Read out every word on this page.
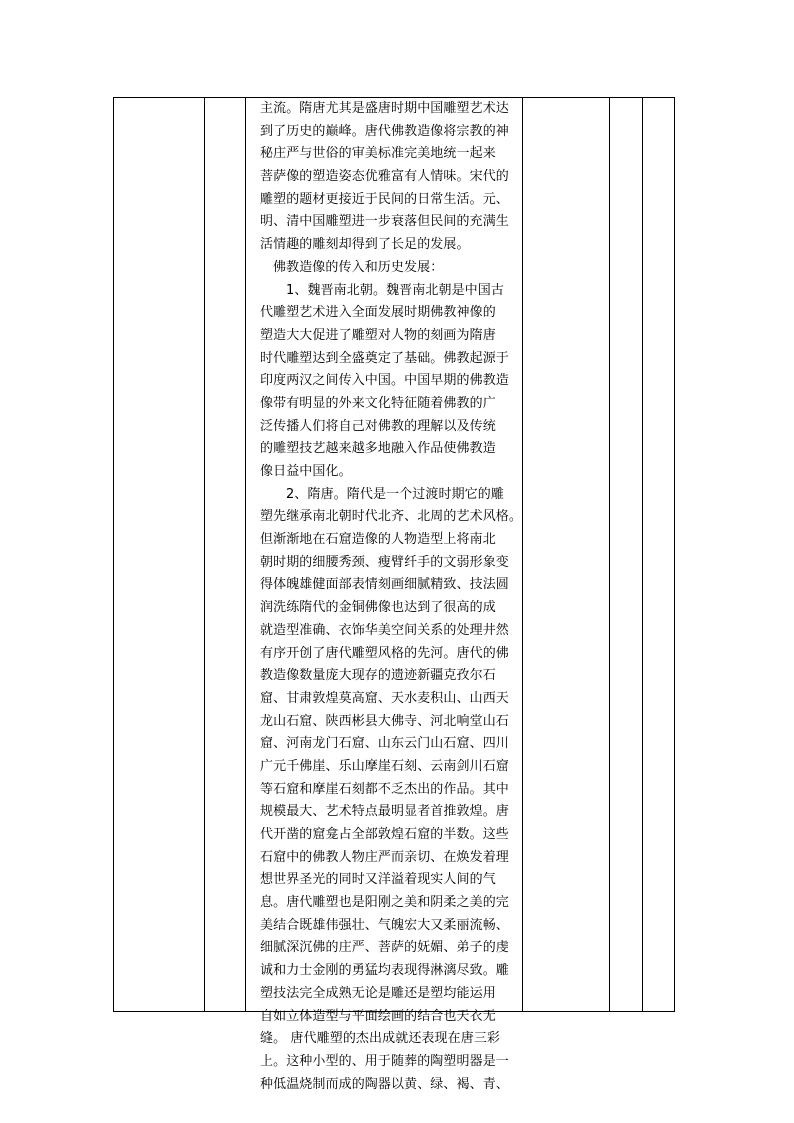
主流。隋唐尤其是盛唐时期中国雕塑艺术达
到了历史的巅峰。唐代佛教造像将宗教的神
秘庄严与世俗的审美标准完美地统一起来
菩萨像的塑造姿态优雅富有人情味。宋代的
雕塑的题材更接近于民间的日常生活。元、
明、清中国雕塑进一步衰落但民间的充满生
活情趣的雕刻却得到了长足的发展。
佛教造像的传入和历史发展：
1、魏晋南北朝。魏晋南北朝是中国古
代雕塑艺术进入全面发展时期佛教神像的
塑造大大促进了雕塑对人物的刻画为隋唐
时代雕塑达到全盛奠定了基础。佛教起源于
印度两汉之间传入中国。中国早期的佛教造
像带有明显的外来文化特征随着佛教的广
泛传播人们将自己对佛教的理解以及传统
的雕塑技艺越来越多地融入作品使佛教造
像日益中国化。
2、隋唐。隋代是一个过渡时期它的雕
塑先继承南北朝时代北齐、北周的艺术风格。
但渐渐地在石窟造像的人物造型上将南北
朝时期的细腰秀颈、瘦臂纤手的文弱形象变
得体魄雄健面部表情刻画细腻精致、技法圆
润洗练隋代的金铜佛像也达到了很高的成
就造型准确、衣饰华美空间关系的处理井然
有序开创了唐代雕塑风格的先河。唐代的佛
教造像数量庞大现存的遗迹新疆克孜尔石
窟、甘肃敦煌莫高窟、天水麦积山、山西天
龙山石窟、陕西彬县大佛寺、河北响堂山石
窟、河南龙门石窟、山东云门山石窟、四川
广元千佛崖、乐山摩崖石刻、云南剑川石窟
等石窟和摩崖石刻都不乏杰出的作品。其中
规模最大、艺术特点最明显者首推敦煌。唐
代开凿的窟龛占全部敦煌石窟的半数。这些
石窟中的佛教人物庄严而亲切、在焕发着理
想世界圣光的同时又洋溢着现实人间的气
息。唐代雕塑也是阳刚之美和阴柔之美的完
美结合既雄伟强壮、气魄宏大又柔丽流畅、
细腻深沉佛的庄严、菩萨的妩媚、弟子的虔
诚和力士金刚的勇猛均表现得淋漓尽致。雕
塑技法完全成熟无论是雕还是塑均能运用
自如立体造型与平面绘画的结合也天衣无
缝。 唐代雕塑的杰出成就还表现在唐三彩
上。这种小型的、用于随葬的陶塑明器是一
种低温烧制而成的陶器以黄、绿、褐、青、
